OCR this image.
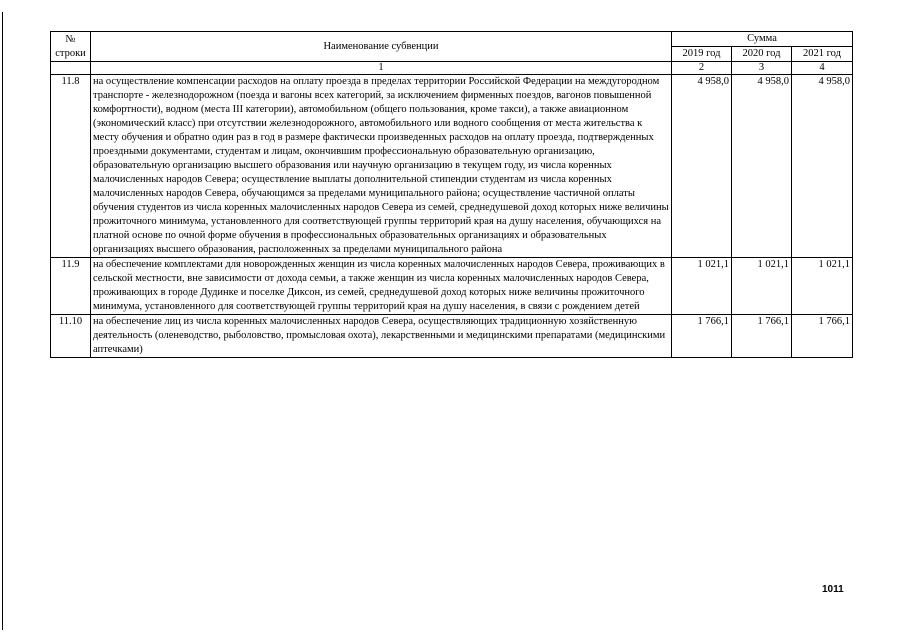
№
строки	Наименование субвенции	Сумма		
		2019 год	2020 год	2021 год
	1	2	3	4
11.8	на осуществление компенсации расходов на оплату проезда в пределах территории Российской Федерации на междугородном транспорте - железнодорожном (поезда и вагоны всех категорий, за исключением фирменных поездов, вагонов повышенной комфортности), водном (места III категории), автомобильном (общего пользования, кроме такси), а также авиационном (экономический класс) при отсутствии железнодорожного, автомобильного или водного сообщения от места жительства к месту обучения и обратно один раз в год в размере фактически произведенных расходов на оплату проезда, подтвержденных проездными документами, студентам и лицам, окончившим профессиональную образовательную организацию, образовательную организацию высшего образования или научную организацию в текущем году, из числа коренных малочисленных народов Севера; осуществление выплаты дополнительной стипендии студентам из числа коренных малочисленных народов Севера, обучающимся за пределами муниципального района; осуществление частичной оплаты обучения студентов из числа коренных малочисленных народов Севера из семей, среднедушевой доход которых ниже величины прожиточного минимума, установленного для соответствующей группы территорий края на душу населения, обучающихся на платной основе по очной форме обучения в профессиональных образовательных организациях и образовательных организациях высшего образования, расположенных за пределами муниципального района	4 958,0	4 958,0	4 958,0
11.9	на обеспечение комплектами для новорожденных женщин из числа коренных малочисленных народов Севера, проживающих в сельской местности, вне зависимости от дохода семьи, а также женщин из числа коренных малочисленных народов Севера, проживающих в городе Дудинке и поселке Диксон, из семей, среднедушевой доход которых ниже величины прожиточного минимума, установленного для соответствующей группы территорий края на душу населения, в связи с рождением детей	1 021,1	1 021,1	1 021,1
11.10	на обеспечение лиц из числа коренных малочисленных народов Севера, осуществляющих традиционную хозяйственную деятельность (оленеводство, рыболовство, промысловая охота), лекарственными и медицинскими препаратами (медицинскими аптечками)	1 766,1	1 766,1	1 766,1
1011
